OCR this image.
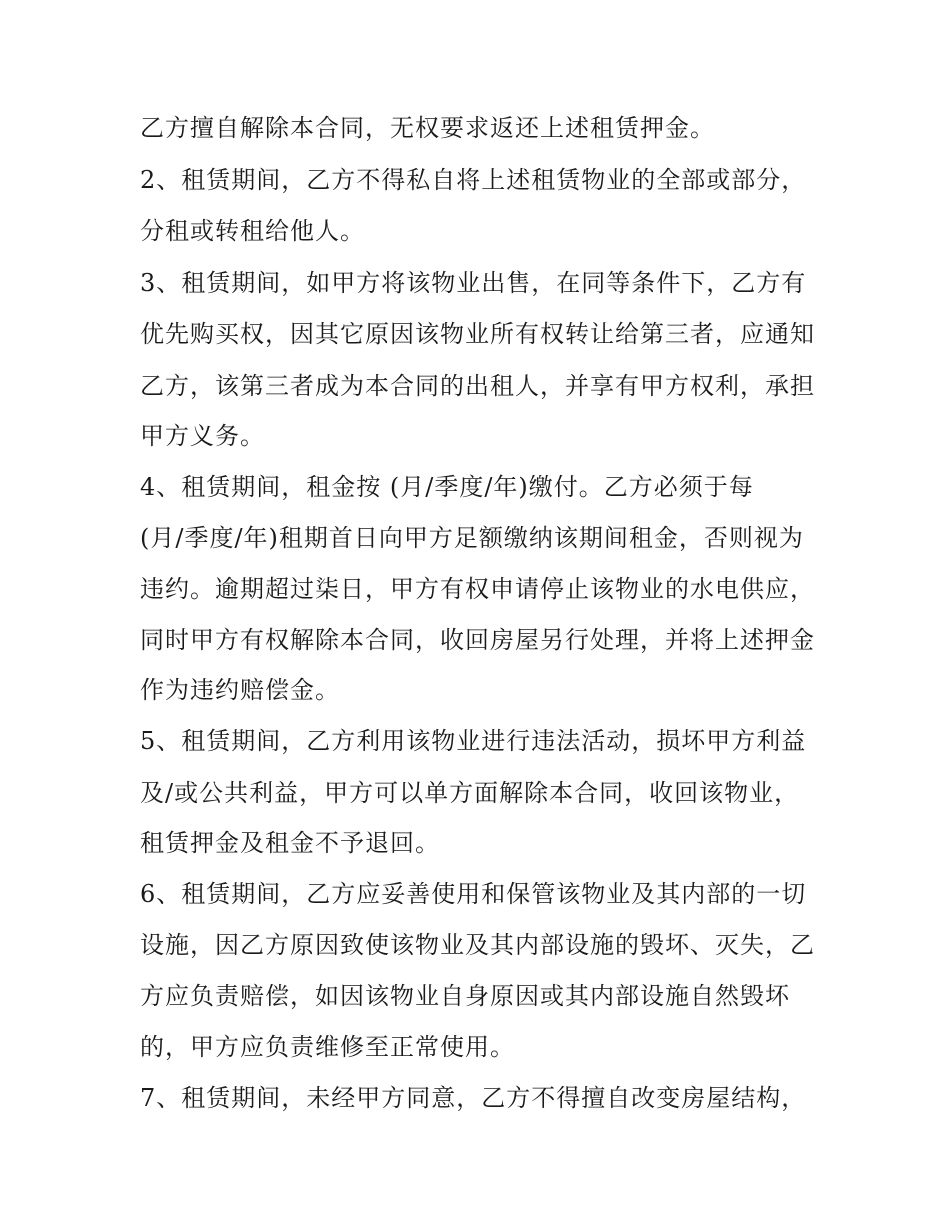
乙方擅自解除本合同，无权要求返还上述租赁押金。
2、租赁期间，乙方不得私自将上述租赁物业的全部或部分，
分租或转租给他人。
3、租赁期间，如甲方将该物业出售，在同等条件下，乙方有
优先购买权，因其它原因该物业所有权转让给第三者，应通知
乙方，该第三者成为本合同的出租人，并享有甲方权利，承担
甲方义务。
4、租赁期间，租金按 (月/季度/年)缴付。乙方必须于每
(月/季度/年)租期首日向甲方足额缴纳该期间租金，否则视为
违约。逾期超过柒日，甲方有权申请停止该物业的水电供应，
同时甲方有权解除本合同，收回房屋另行处理，并将上述押金
作为违约赔偿金。
5、租赁期间，乙方利用该物业进行违法活动，损坏甲方利益
及/或公共利益，甲方可以单方面解除本合同，收回该物业，
租赁押金及租金不予退回。
6、租赁期间，乙方应妥善使用和保管该物业及其内部的一切
设施，因乙方原因致使该物业及其内部设施的毁坏、灭失，乙
方应负责赔偿，如因该物业自身原因或其内部设施自然毁坏
的，甲方应负责维修至正常使用。
7、租赁期间，未经甲方同意，乙方不得擅自改变房屋结构，
